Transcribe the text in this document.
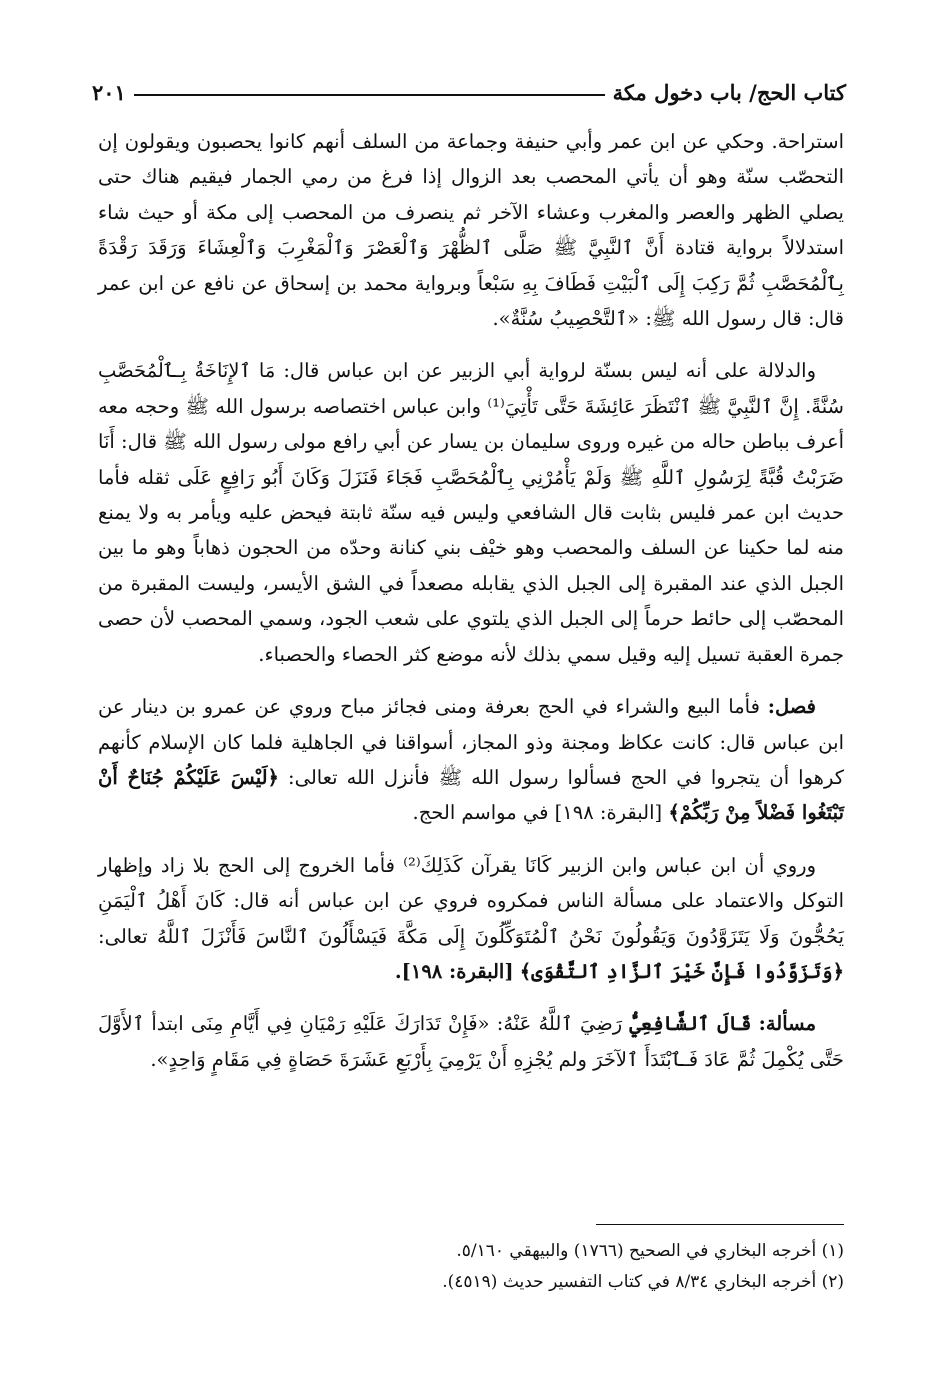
كتاب الحج/ باب دخول مكة
٢٠١

استراحة. وحكي عن ابن عمر وأبي حنيفة وجماعة من السلف أنهم كانوا يحصبون ويقولون إن التحصّب سنّة وهو أن يأتي المحصب بعد الزوال إذا فرغ من رمي الجمار فيقيم هناك حتى يصلي الظهر والعصر والمغرب وعشاء الآخر ثم ينصرف من المحصب إلى مكة أو حيث شاء استدلالاً برواية قتادة أَنَّ ٱلنَّبِيَّ ﷺ صَلَّى ٱلظُّهْرَ وَٱلْعَصْرَ وَٱلْمَغْرِبَ وَٱلْعِشَاءَ وَرَقَدَ رَقْدَةً بِٱلْمُحَصَّبِ ثُمَّ رَكِبَ إِلَى ٱلْبَيْتِ فَطَافَ بِهِ سَبْعاً وبرواية محمد بن إسحاق عن نافع عن ابن عمر قال: قال رسول الله ﷺ: «ٱلتَّحْصِيبُ سُنَّةٌ».

والدلالة على أنه ليس بسنّة لرواية أبي الزبير عن ابن عباس قال: مَا ٱلإِنَاخَةُ بِـٱلْمُحَصَّبِ سُنَّةً. إِنَّ ٱلنَّبِيَّ ﷺ ٱنْتَظَرَ عَائِشَةَ حَتَّى تَأْتِيَ⁽¹⁾ وابن عباس اختصاصه برسول الله ﷺ وحجه معه أعرف بباطن حاله من غيره وروى سليمان بن يسار عن أبي رافع مولى رسول الله ﷺ قال: أَنَا ضَرَبْتُ قُبَّةً لِرَسُولِ ٱللَّهِ ﷺ وَلَمْ يَأْمُرْنِي بِٱلْمُحَصَّبِ فَجَاءَ فَنَزَلَ وَكَانَ أَبُو رَافِعٍ عَلَى ثقله فأما حديث ابن عمر فليس بثابت قال الشافعي وليس فيه سنّة ثابتة فيحض عليه ويأمر به ولا يمنع منه لما حكينا عن السلف والمحصب وهو خيْف بني كنانة وحدّه من الحجون ذهاباً وهو ما بين الجبل الذي عند المقبرة إلى الجبل الذي يقابله مصعداً في الشق الأيسر، وليست المقبرة من المحصّب إلى حائط حرماً إلى الجبل الذي يلتوي على شعب الجود، وسمي المحصب لأن حصى جمرة العقبة تسيل إليه وقيل سمي بذلك لأنه موضع كثر الحصاء والحصباء.

فصل: فأما البيع والشراء في الحج بعرفة ومنى فجائز مباح وروي عن عمرو بن دينار عن ابن عباس قال: كانت عكاظ ومجنة وذو المجاز، أسواقنا في الجاهلية فلما كان الإسلام كأنهم كرهوا أن يتجروا في الحج فسألوا رسول الله ﷺ فأنزل الله تعالى: ﴿لَيْسَ عَلَيْكُمْ جُنَاحٌ أَنْ تَبْتَغُوا فَضْلاً مِنْ رَبِّكُمْ﴾ [البقرة: ١٩٨] في مواسم الحج.

وروي أن ابن عباس وابن الزبير كَانَا يقرآن كَذَلِكَ⁽²⁾ فأما الخروج إلى الحج بلا زاد وإظهار التوكل والاعتماد على مسألة الناس فمكروه فروي عن ابن عباس أنه قال: كَانَ أَهْلُ ٱلْيَمَنِ يَحُجُّونَ وَلَا يَتَزَوَّدُونَ وَيَقُولُونَ نَحْنُ ٱلْمُتَوَكِّلُونَ إِلَى مَكَّةَ فَيَسْأَلُونَ ٱلنَّاسَ فَأَنْزَلَ ٱللَّهُ تعالى: ﴿وَتَزَوَّدُوا فَإِنَّ خَيْرَ ٱلزَّادِ ٱلتَّقْوَى﴾ [البقرة: ١٩٨].

مسألة: قَالَ ٱلشَّافِعِيُّ رَضِيَ ٱللَّهُ عَنْهُ: «فَإِنْ تَدَارَكَ عَلَيْهِ رَمْيَانِ فِي أَيَّامِ مِنَى ابتدأ ٱلأَوَّلَ حَتَّى يُكْمِلَ ثُمَّ عَادَ فَـٱبْتَدَأَ ٱلآخَرَ ولم يُجْزِهِ أَنْ يَرْمِيَ بِأَرْبَعِ عَشَرَةَ حَصَاةٍ فِي مَقَامٍ وَاحِدٍ».

(١) أخرجه البخاري في الصحيح (١٧٦٦) والبيهقي ٥/١٦٠.
(٢) أخرجه البخاري ٨/٣٤ في كتاب التفسير حديث (٤٥١٩).
